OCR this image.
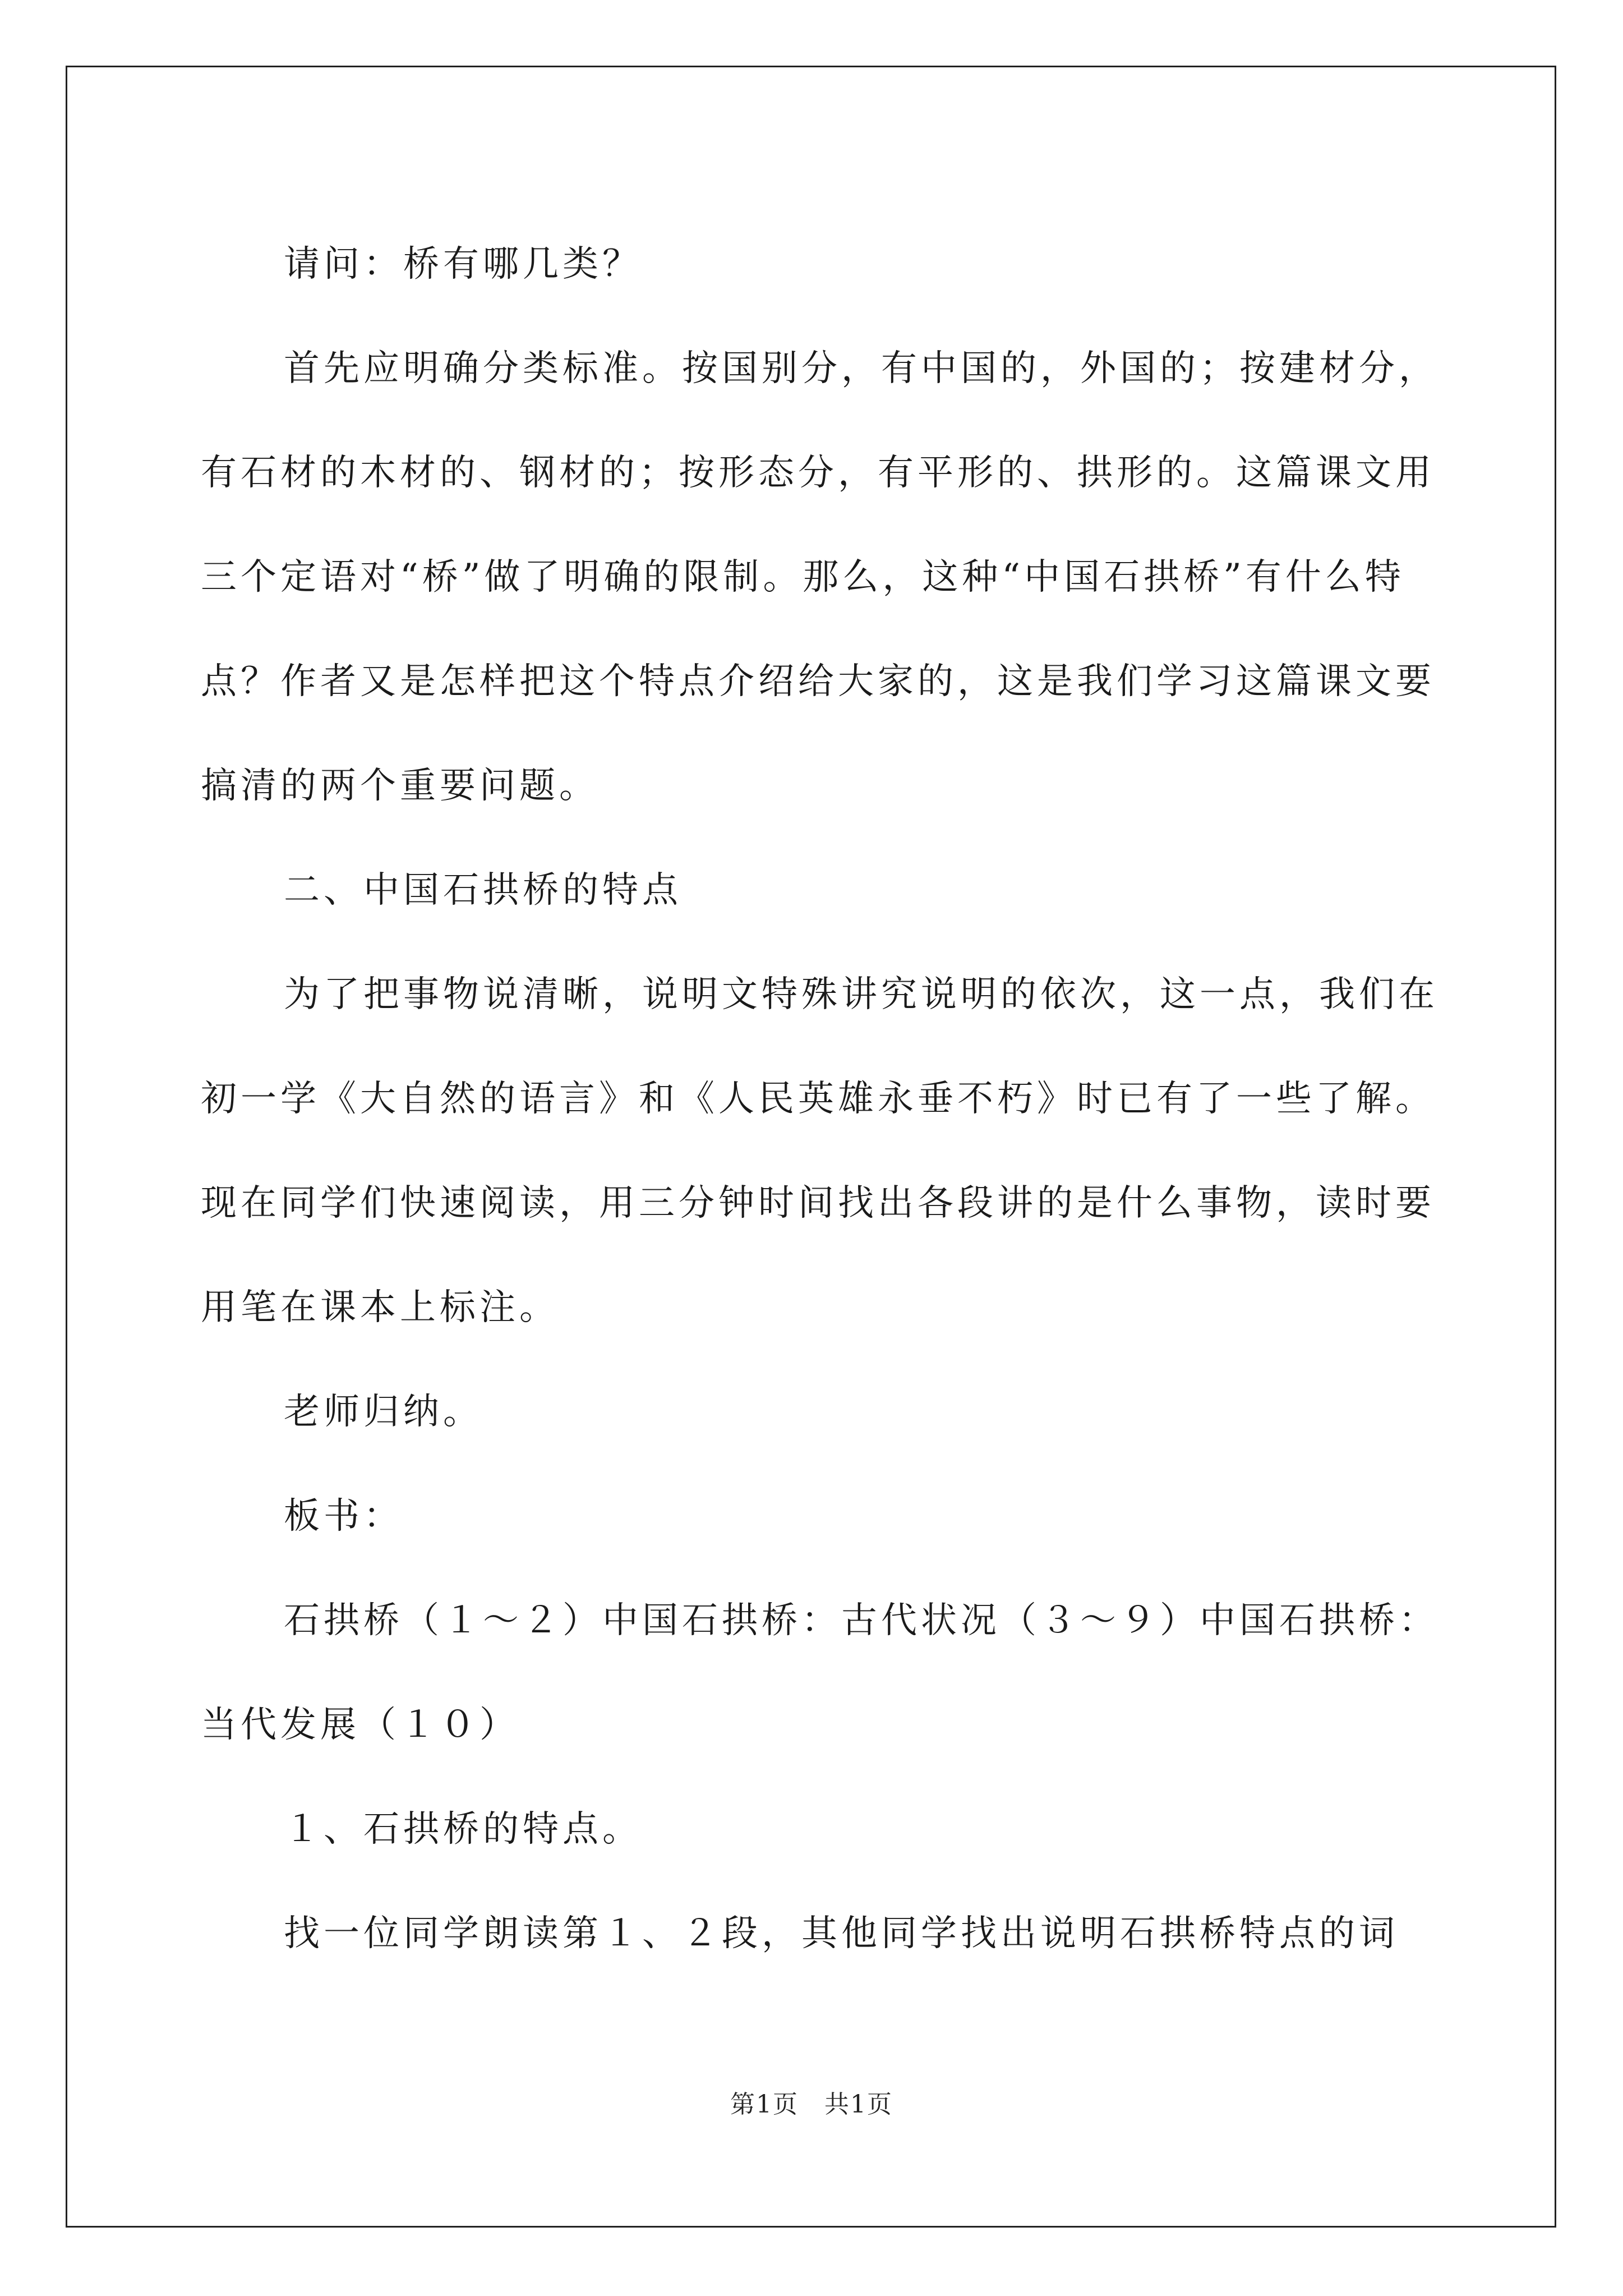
请问：桥有哪几类？

首先应明确分类标准。按国别分，有中国的，外国的；按建材分，有石材的木材的、钢材的；按形态分，有平形的、拱形的。这篇课文用三个定语对“桥”做了明确的限制。那么，这种“中国石拱桥”有什么特点？作者又是怎样把这个特点介绍给大家的，这是我们学习这篇课文要搞清的两个重要问题。

二、中国石拱桥的特点

为了把事物说清晰，说明文特殊讲究说明的依次，这一点，我们在初一学《大自然的语言》和《人民英雄永垂不朽》时已有了一些了解。现在同学们快速阅读，用三分钟时间找出各段讲的是什么事物，读时要用笔在课本上标注。

老师归纳。

板书：

石拱桥（１～２）中国石拱桥：古代状况（３～９）中国石拱桥：当代发展（１０）

１、石拱桥的特点。

找一位同学朗读第１、２段，其他同学找出说明石拱桥特点的词

第1页　共1页
